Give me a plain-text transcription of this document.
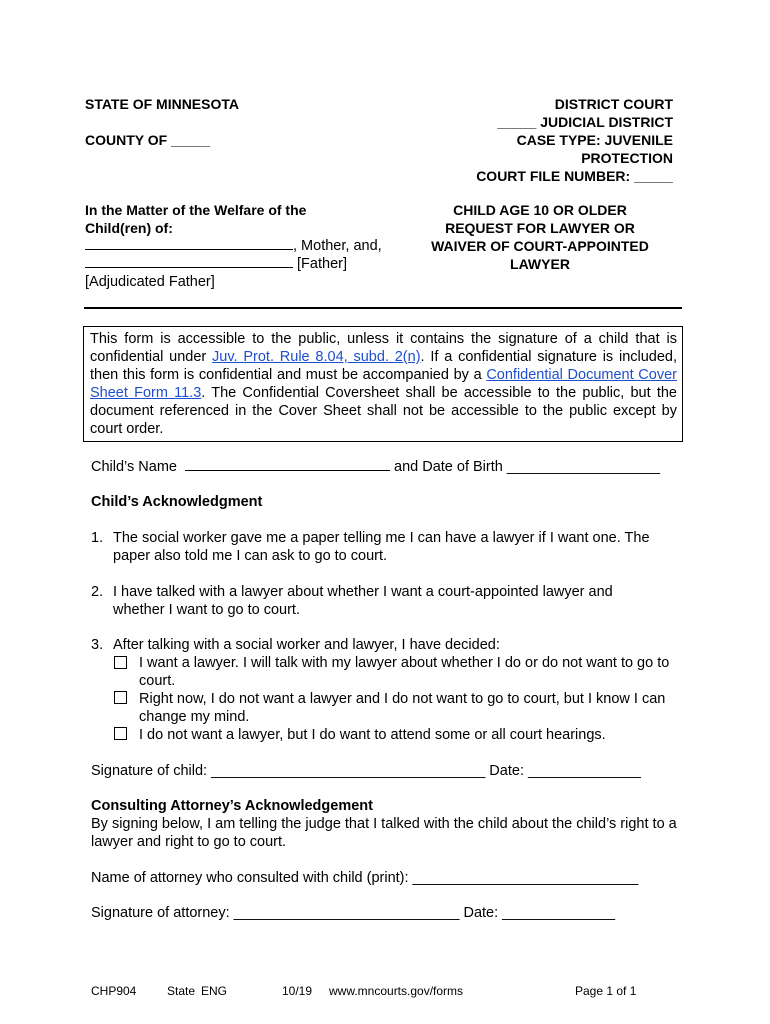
STATE OF MINNESOTA
COUNTY OF _____
DISTRICT COURT
_____ JUDICIAL DISTRICT
CASE TYPE: JUVENILE
PROTECTION
COURT FILE NUMBER: _____
In the Matter of the Welfare of the
Child(ren) of:
, Mother, and,
[Father]
[Adjudicated Father]
CHILD AGE 10 OR OLDER
REQUEST FOR LAWYER OR
WAIVER OF COURT-APPOINTED
LAWYER
This form is accessible to the public, unless it contains the signature of a child that is confidential under Juv. Prot. Rule 8.04, subd. 2(n). If a confidential signature is included, then this form is confidential and must be accompanied by a Confidential Document Cover Sheet Form 11.3. The Confidential Coversheet shall be accessible to the public, but the document referenced in the Cover Sheet shall not be accessible to the public except by court order.
Child’s Name	and Date of Birth ___________________
Child’s Acknowledgment
1. The social worker gave me a paper telling me I can have a lawyer if I want one. The paper also told me I can ask to go to court.
2. I have talked with a lawyer about whether I want a court-appointed lawyer and whether I want to go to court.
3. After talking with a social worker and lawyer, I have decided:
I want a lawyer. I will talk with my lawyer about whether I do or do not want to go to court.
Right now, I do not want a lawyer and I do not want to go to court, but I know I can change my mind.
I do not want a lawyer, but I do want to attend some or all court hearings.
Signature of child: __________________________________ Date: ______________
Consulting Attorney’s Acknowledgement
By signing below, I am telling the judge that I talked with the child about the child’s right to a lawyer and right to go to court.
Name of attorney who consulted with child (print): ____________________________
Signature of attorney: ____________________________ Date: ______________
CHP904	State ENG	10/19 www.mncourts.gov/forms	Page 1 of 1
